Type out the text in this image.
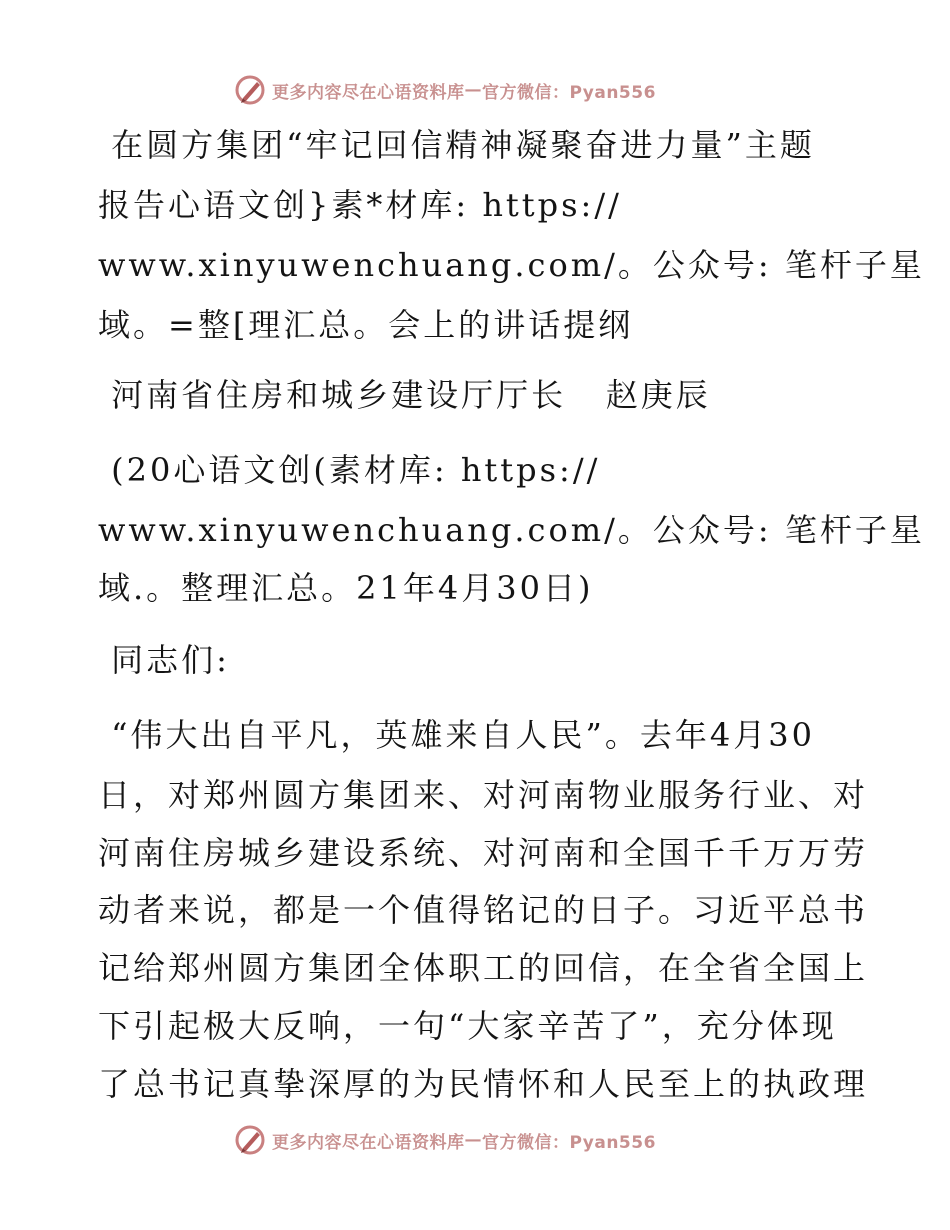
更多内容尽在心语资料库 — 官方微信：Pyan556
在圆方集团“牢记回信精神凝聚奋进力量”主题
报告心语文创}素*材库: https://
www.xinyuwenchuang.com/。公众号: 笔杆子星
域。=整[理汇总。会上的讲话提纲
河南省住房和城乡建设厅厅长   赵庚辰
(20心语文创(素材库: https://
www.xinyuwenchuang.com/。公众号: 笔杆子星
域.。整理汇总。21年4月30日)
同志们:
“伟大出自平凡，英雄来自人民”。去年4月30
日，对郑州圆方集团来、对河南物业服务行业、对
河南住房城乡建设系统、对河南和全国千千万万劳
动者来说，都是一个值得铭记的日子。习近平总书
记给郑州圆方集团全体职工的回信，在全省全国上
下引起极大反响，一句“大家辛苦了”，充分体现
了总书记真挚深厚的为民情怀和人民至上的执政理
更多内容尽在心语资料库 — 官方微信：Pyan556
